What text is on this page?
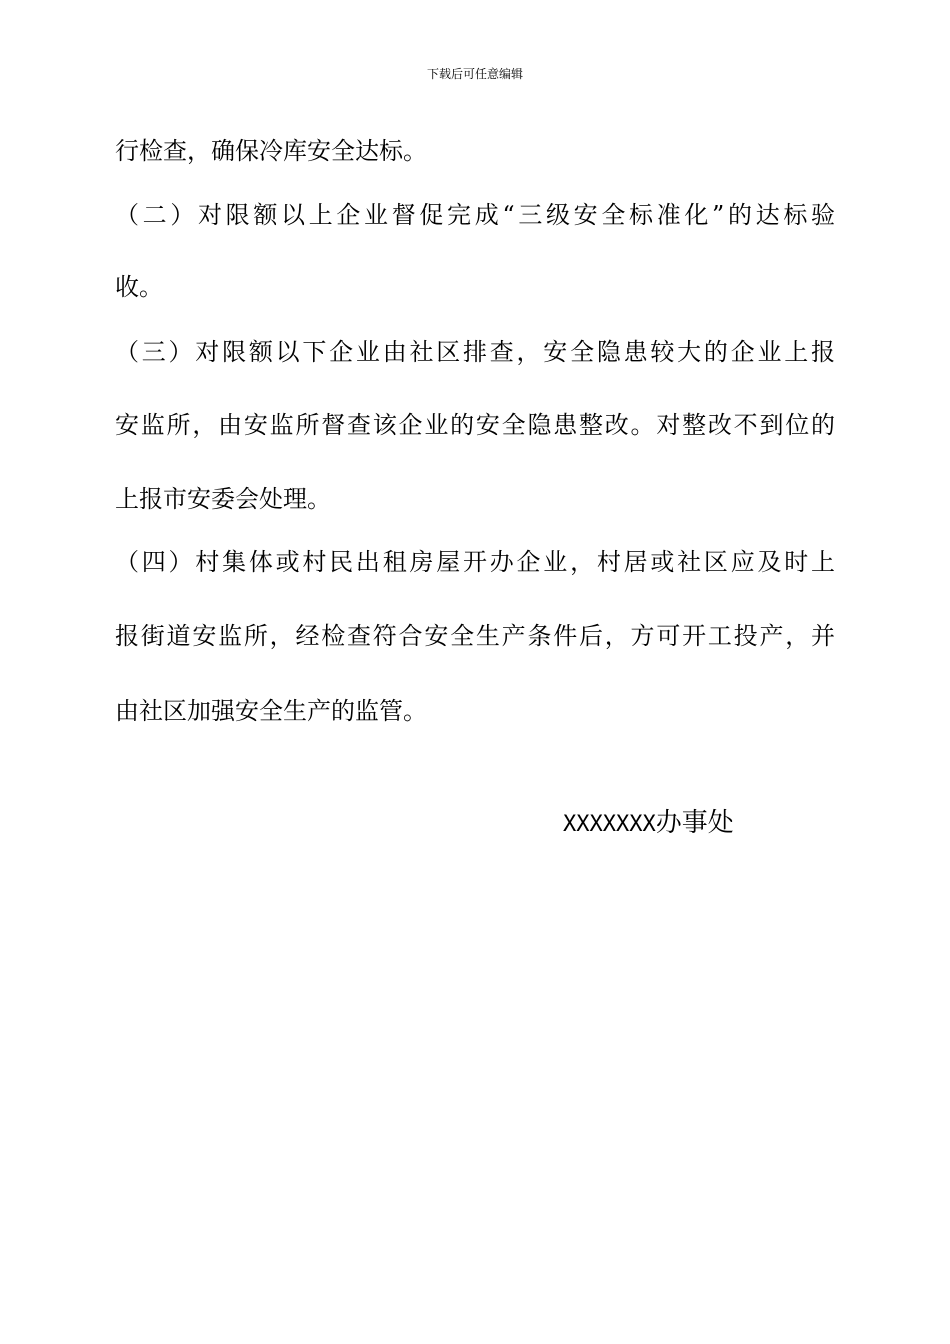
下载后可任意编辑
行检查，确保冷库安全达标。
（二）对限额以上企业督促完成“三级安全标准化”的达标验
收。
（三）对限额以下企业由社区排查，安全隐患较大的企业上报
安监所，由安监所督查该企业的安全隐患整改。对整改不到位的
上报市安委会处理。
（四）村集体或村民出租房屋开办企业，村居或社区应及时上
报街道安监所，经检查符合安全生产条件后，方可开工投产，并
由社区加强安全生产的监管。
XXXXXXX办事处
